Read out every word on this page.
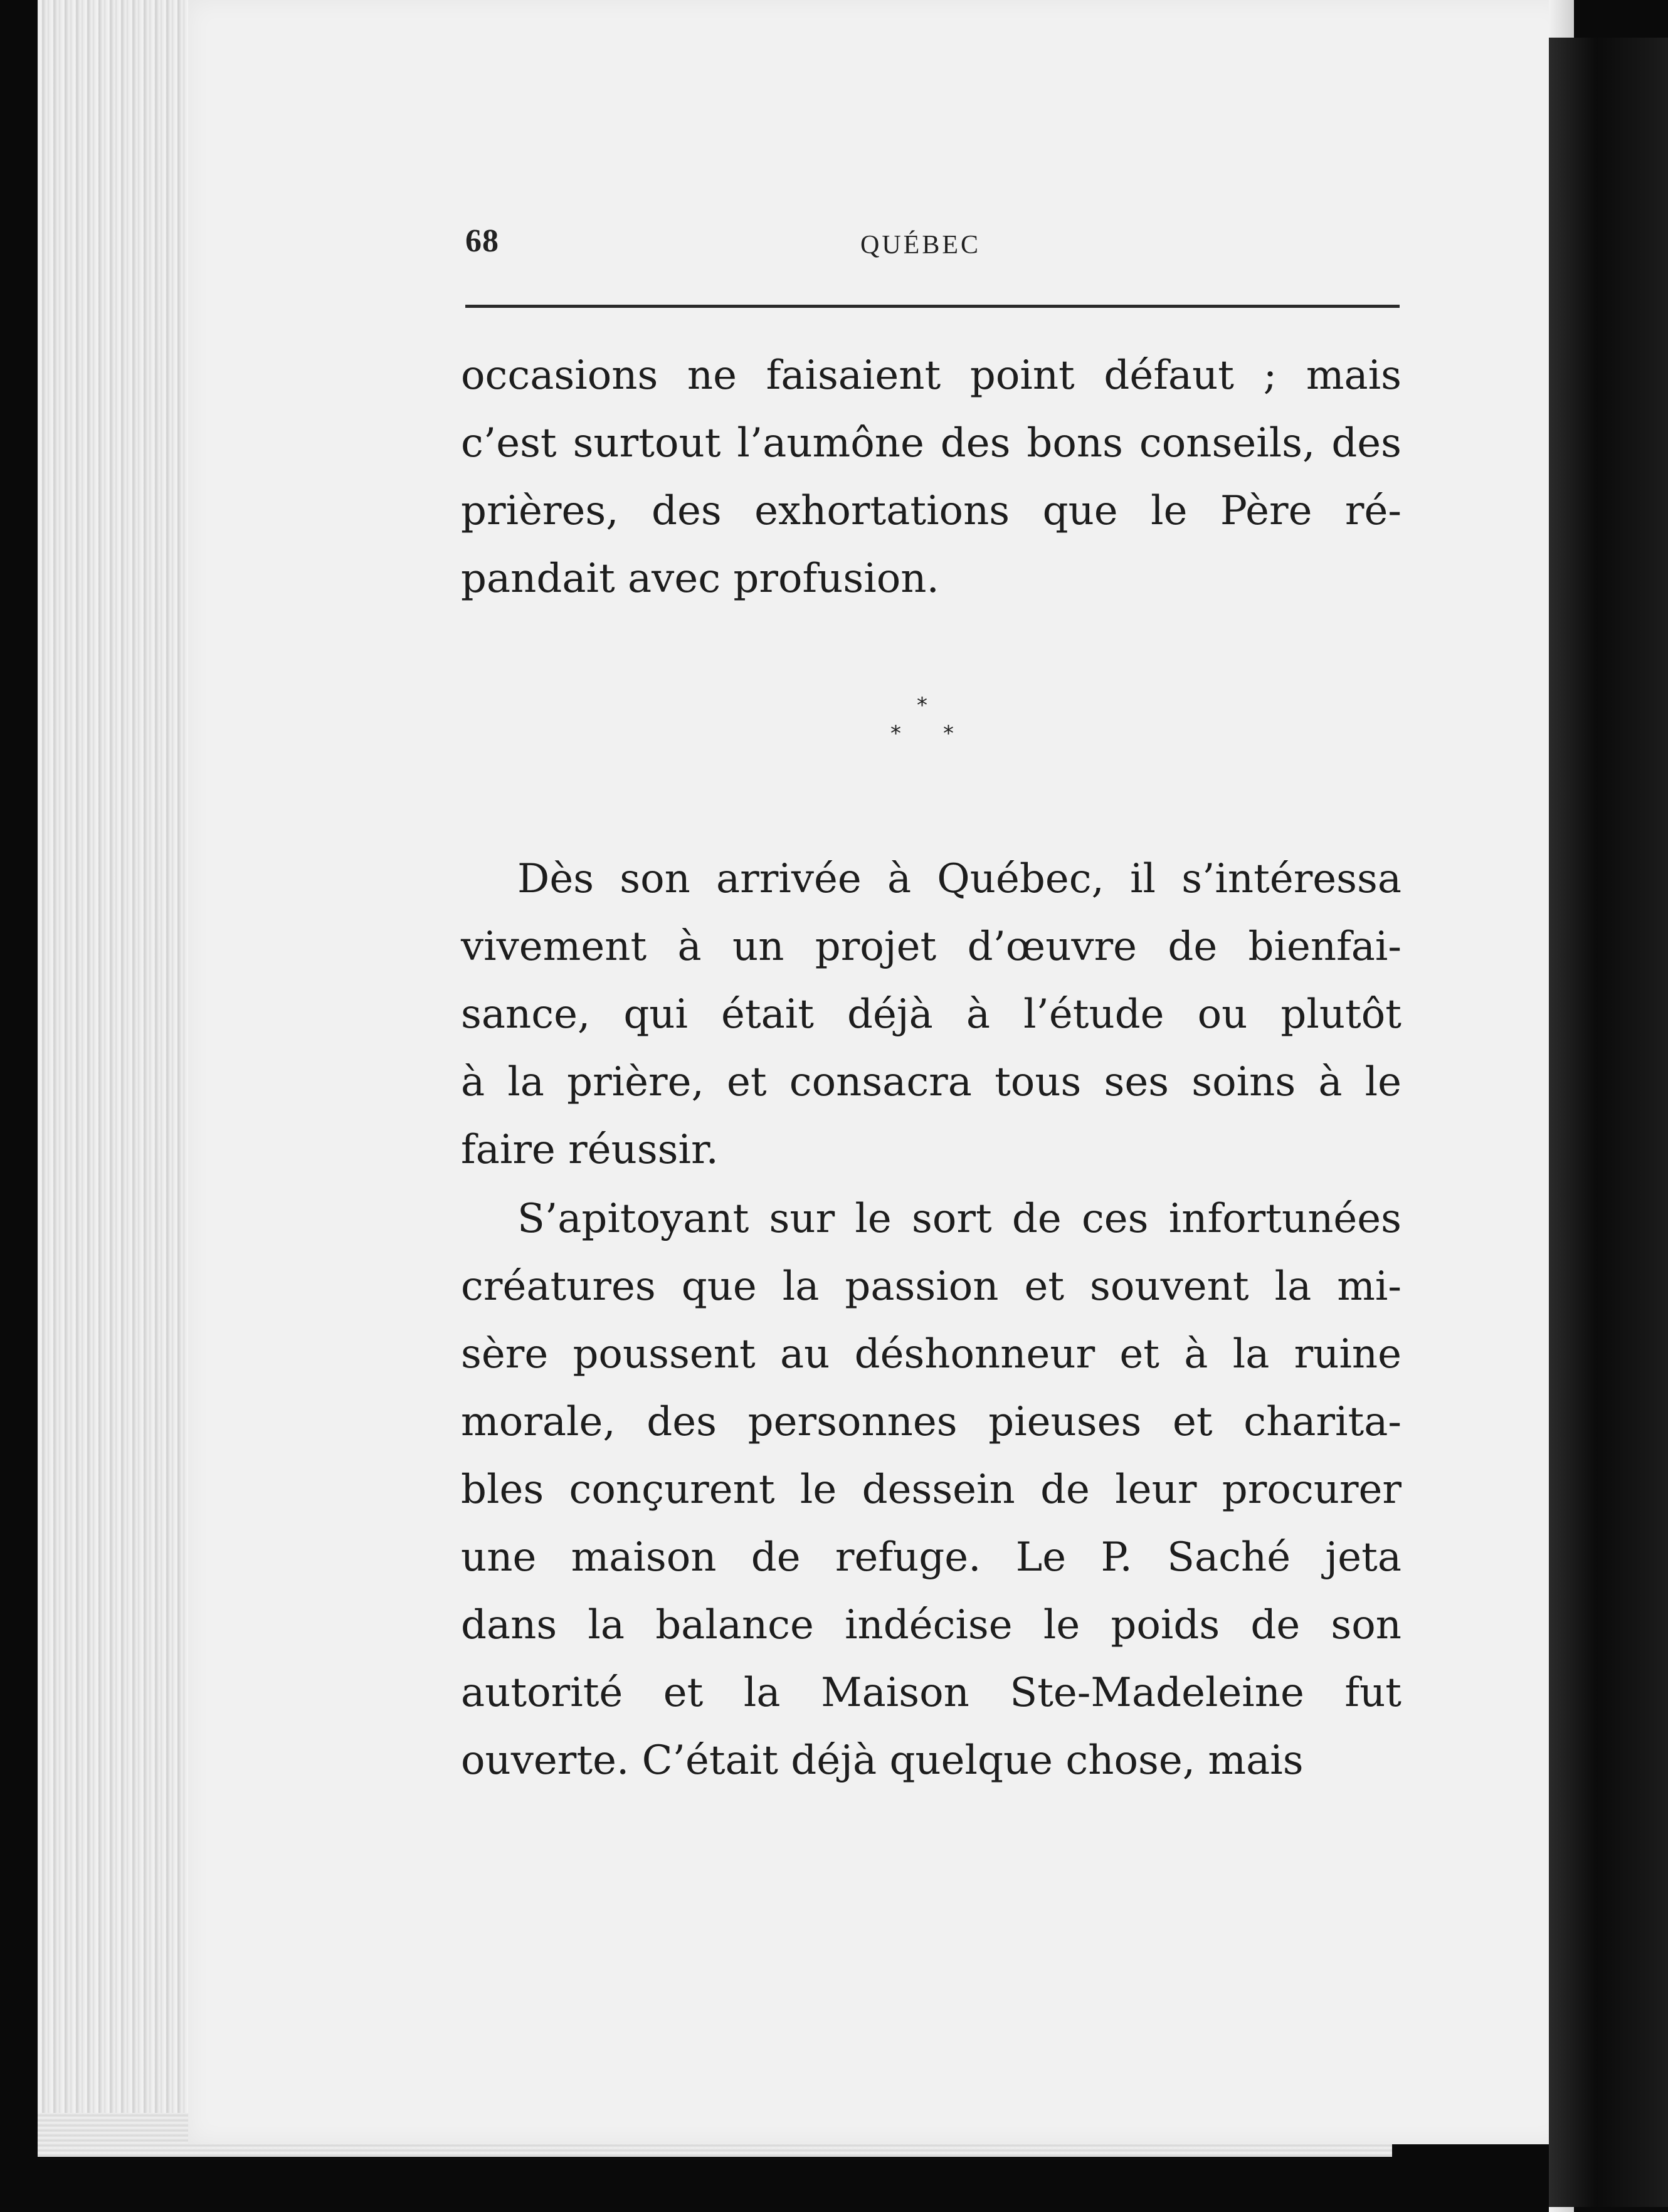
68	QUÉBEC
occasions ne faisaient point défaut ; mais
c’est surtout l’aumône des bons conseils, des
prières, des exhortations que le Père ré-
pandait avec profusion.
*
* *
Dès son arrivée à Québec, il s’intéressa
vivement à un projet d’œuvre de bienfai-
sance, qui était déjà à l’étude ou plutôt
à la prière, et consacra tous ses soins à le
faire réussir.
S’apitoyant sur le sort de ces infortunées
créatures que la passion et souvent la mi-
sère poussent au déshonneur et à la ruine
morale, des personnes pieuses et charita-
bles conçurent le dessein de leur procurer
une maison de refuge. Le P. Saché jeta
dans la balance indécise le poids de son
autorité et la Maison Ste-Madeleine fut
ouverte. C’était déjà quelque chose, mais
